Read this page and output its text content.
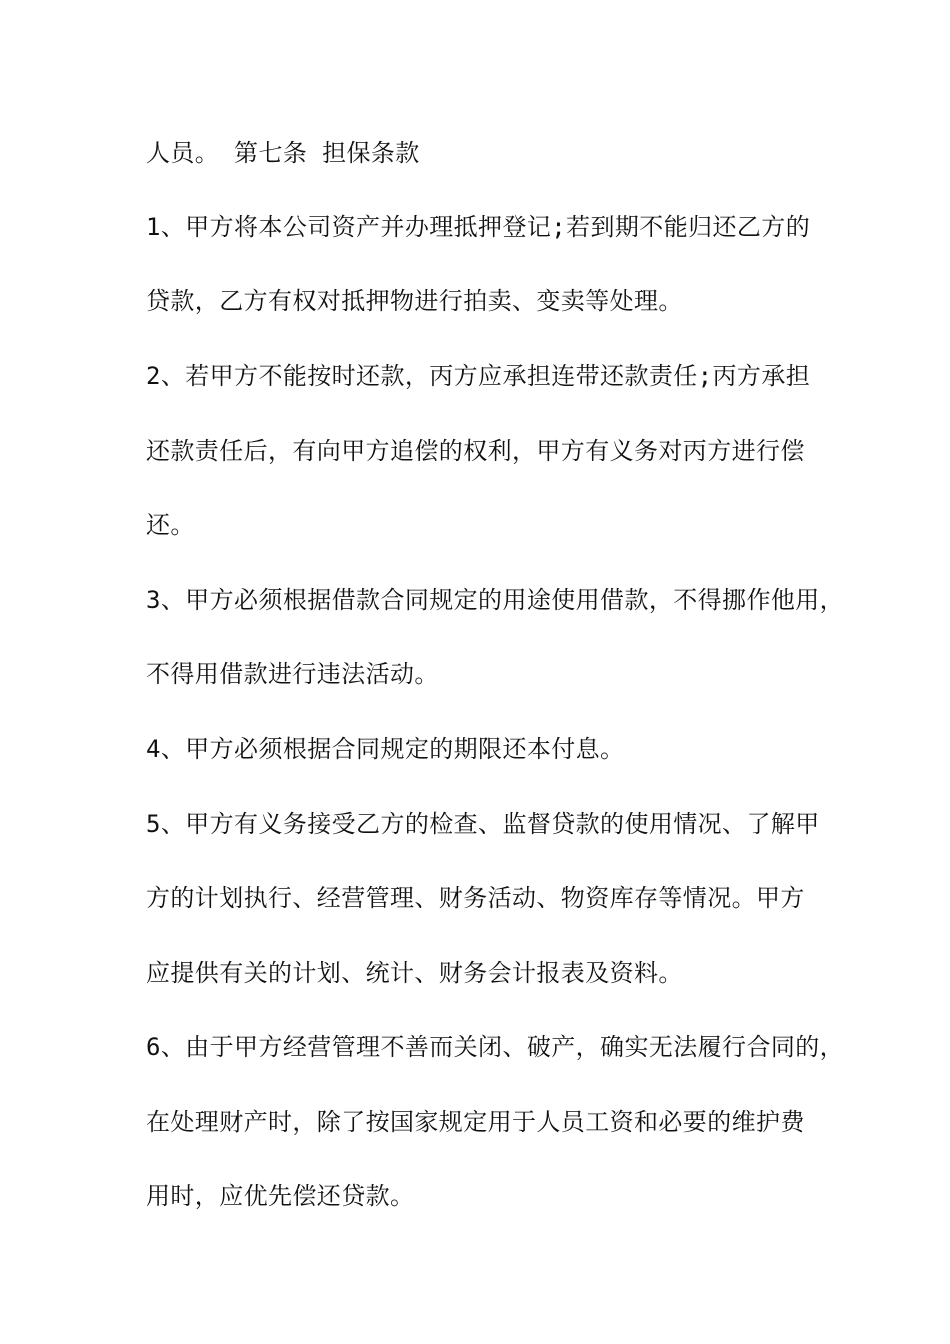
人员。 第七条 担保条款
1、甲方将本公司资产并办理抵押登记;若到期不能归还乙方的
贷款，乙方有权对抵押物进行拍卖、变卖等处理。
2、若甲方不能按时还款，丙方应承担连带还款责任;丙方承担
还款责任后，有向甲方追偿的权利，甲方有义务对丙方进行偿
还。
3、甲方必须根据借款合同规定的用途使用借款，不得挪作他用，
不得用借款进行违法活动。
4、甲方必须根据合同规定的期限还本付息。
5、甲方有义务接受乙方的检查、监督贷款的使用情况、了解甲
方的计划执行、经营管理、财务活动、物资库存等情况。甲方
应提供有关的计划、统计、财务会计报表及资料。
6、由于甲方经营管理不善而关闭、破产，确实无法履行合同的，
在处理财产时，除了按国家规定用于人员工资和必要的维护费
用时，应优先偿还贷款。
